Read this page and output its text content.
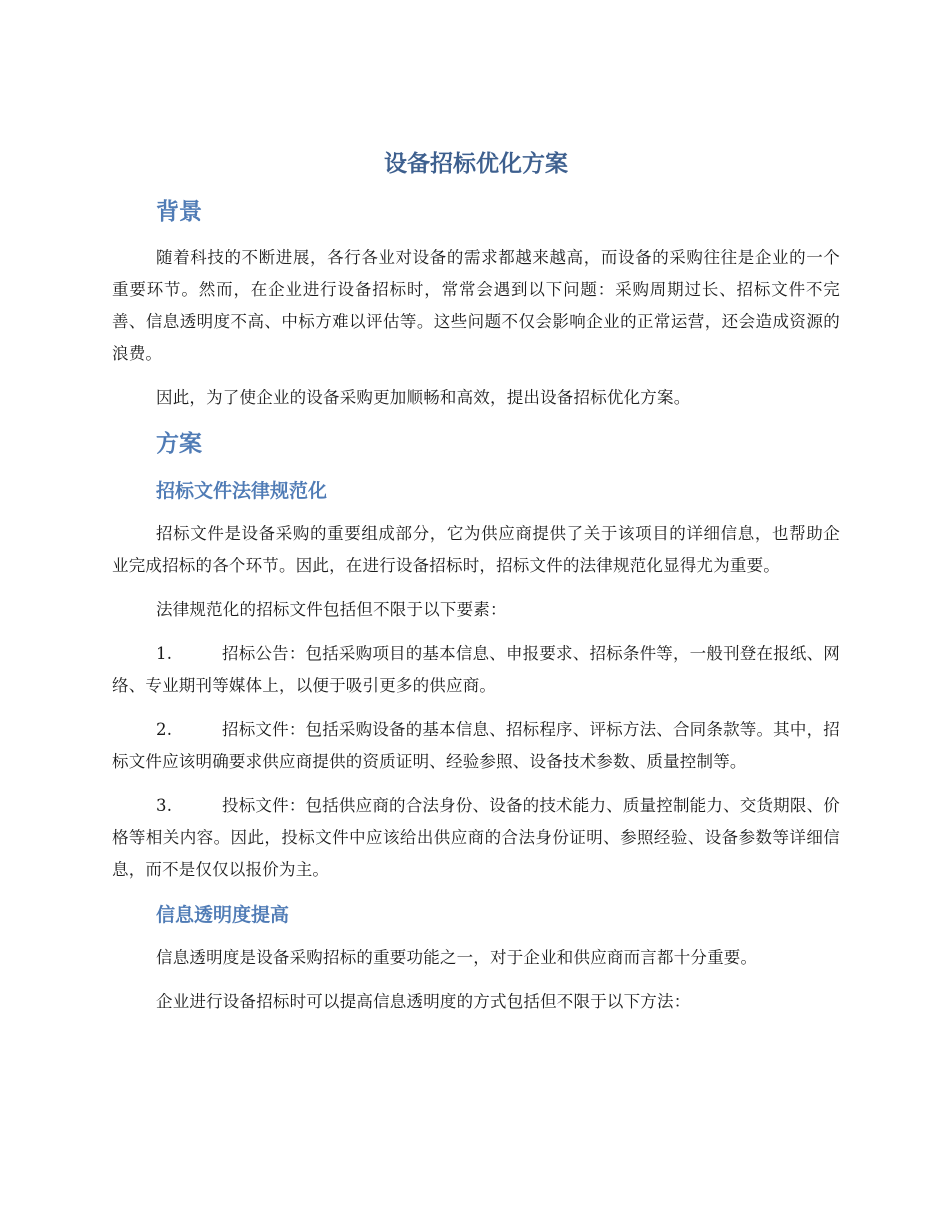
设备招标优化方案
背景

随着科技的不断进展，各行各业对设备的需求都越来越高，而设备的采购往往是企业的一个重要环节。然而，在企业进行设备招标时，常常会遇到以下问题：采购周期过长、招标文件不完善、信息透明度不高、中标方难以评估等。这些问题不仅会影响企业的正常运营，还会造成资源的浪费。

因此，为了使企业的设备采购更加顺畅和高效，提出设备招标优化方案。

方案
招标文件法律规范化

招标文件是设备采购的重要组成部分，它为供应商提供了关于该项目的详细信息，也帮助企业完成招标的各个环节。因此，在进行设备招标时，招标文件的法律规范化显得尤为重要。

法律规范化的招标文件包括但不限于以下要素：

1.	招标公告：包括采购项目的基本信息、申报要求、招标条件等，一般刊登在报纸、网络、专业期刊等媒体上，以便于吸引更多的供应商。
2.	招标文件：包括采购设备的基本信息、招标程序、评标方法、合同条款等。其中，招标文件应该明确要求供应商提供的资质证明、经验参照、设备技术参数、质量控制等。
3.	投标文件：包括供应商的合法身份、设备的技术能力、质量控制能力、交货期限、价格等相关内容。因此，投标文件中应该给出供应商的合法身份证明、参照经验、设备参数等详细信息，而不是仅仅以报价为主。
信息透明度提高

信息透明度是设备采购招标的重要功能之一，对于企业和供应商而言都十分重要。

企业进行设备招标时可以提高信息透明度的方式包括但不限于以下方法：
